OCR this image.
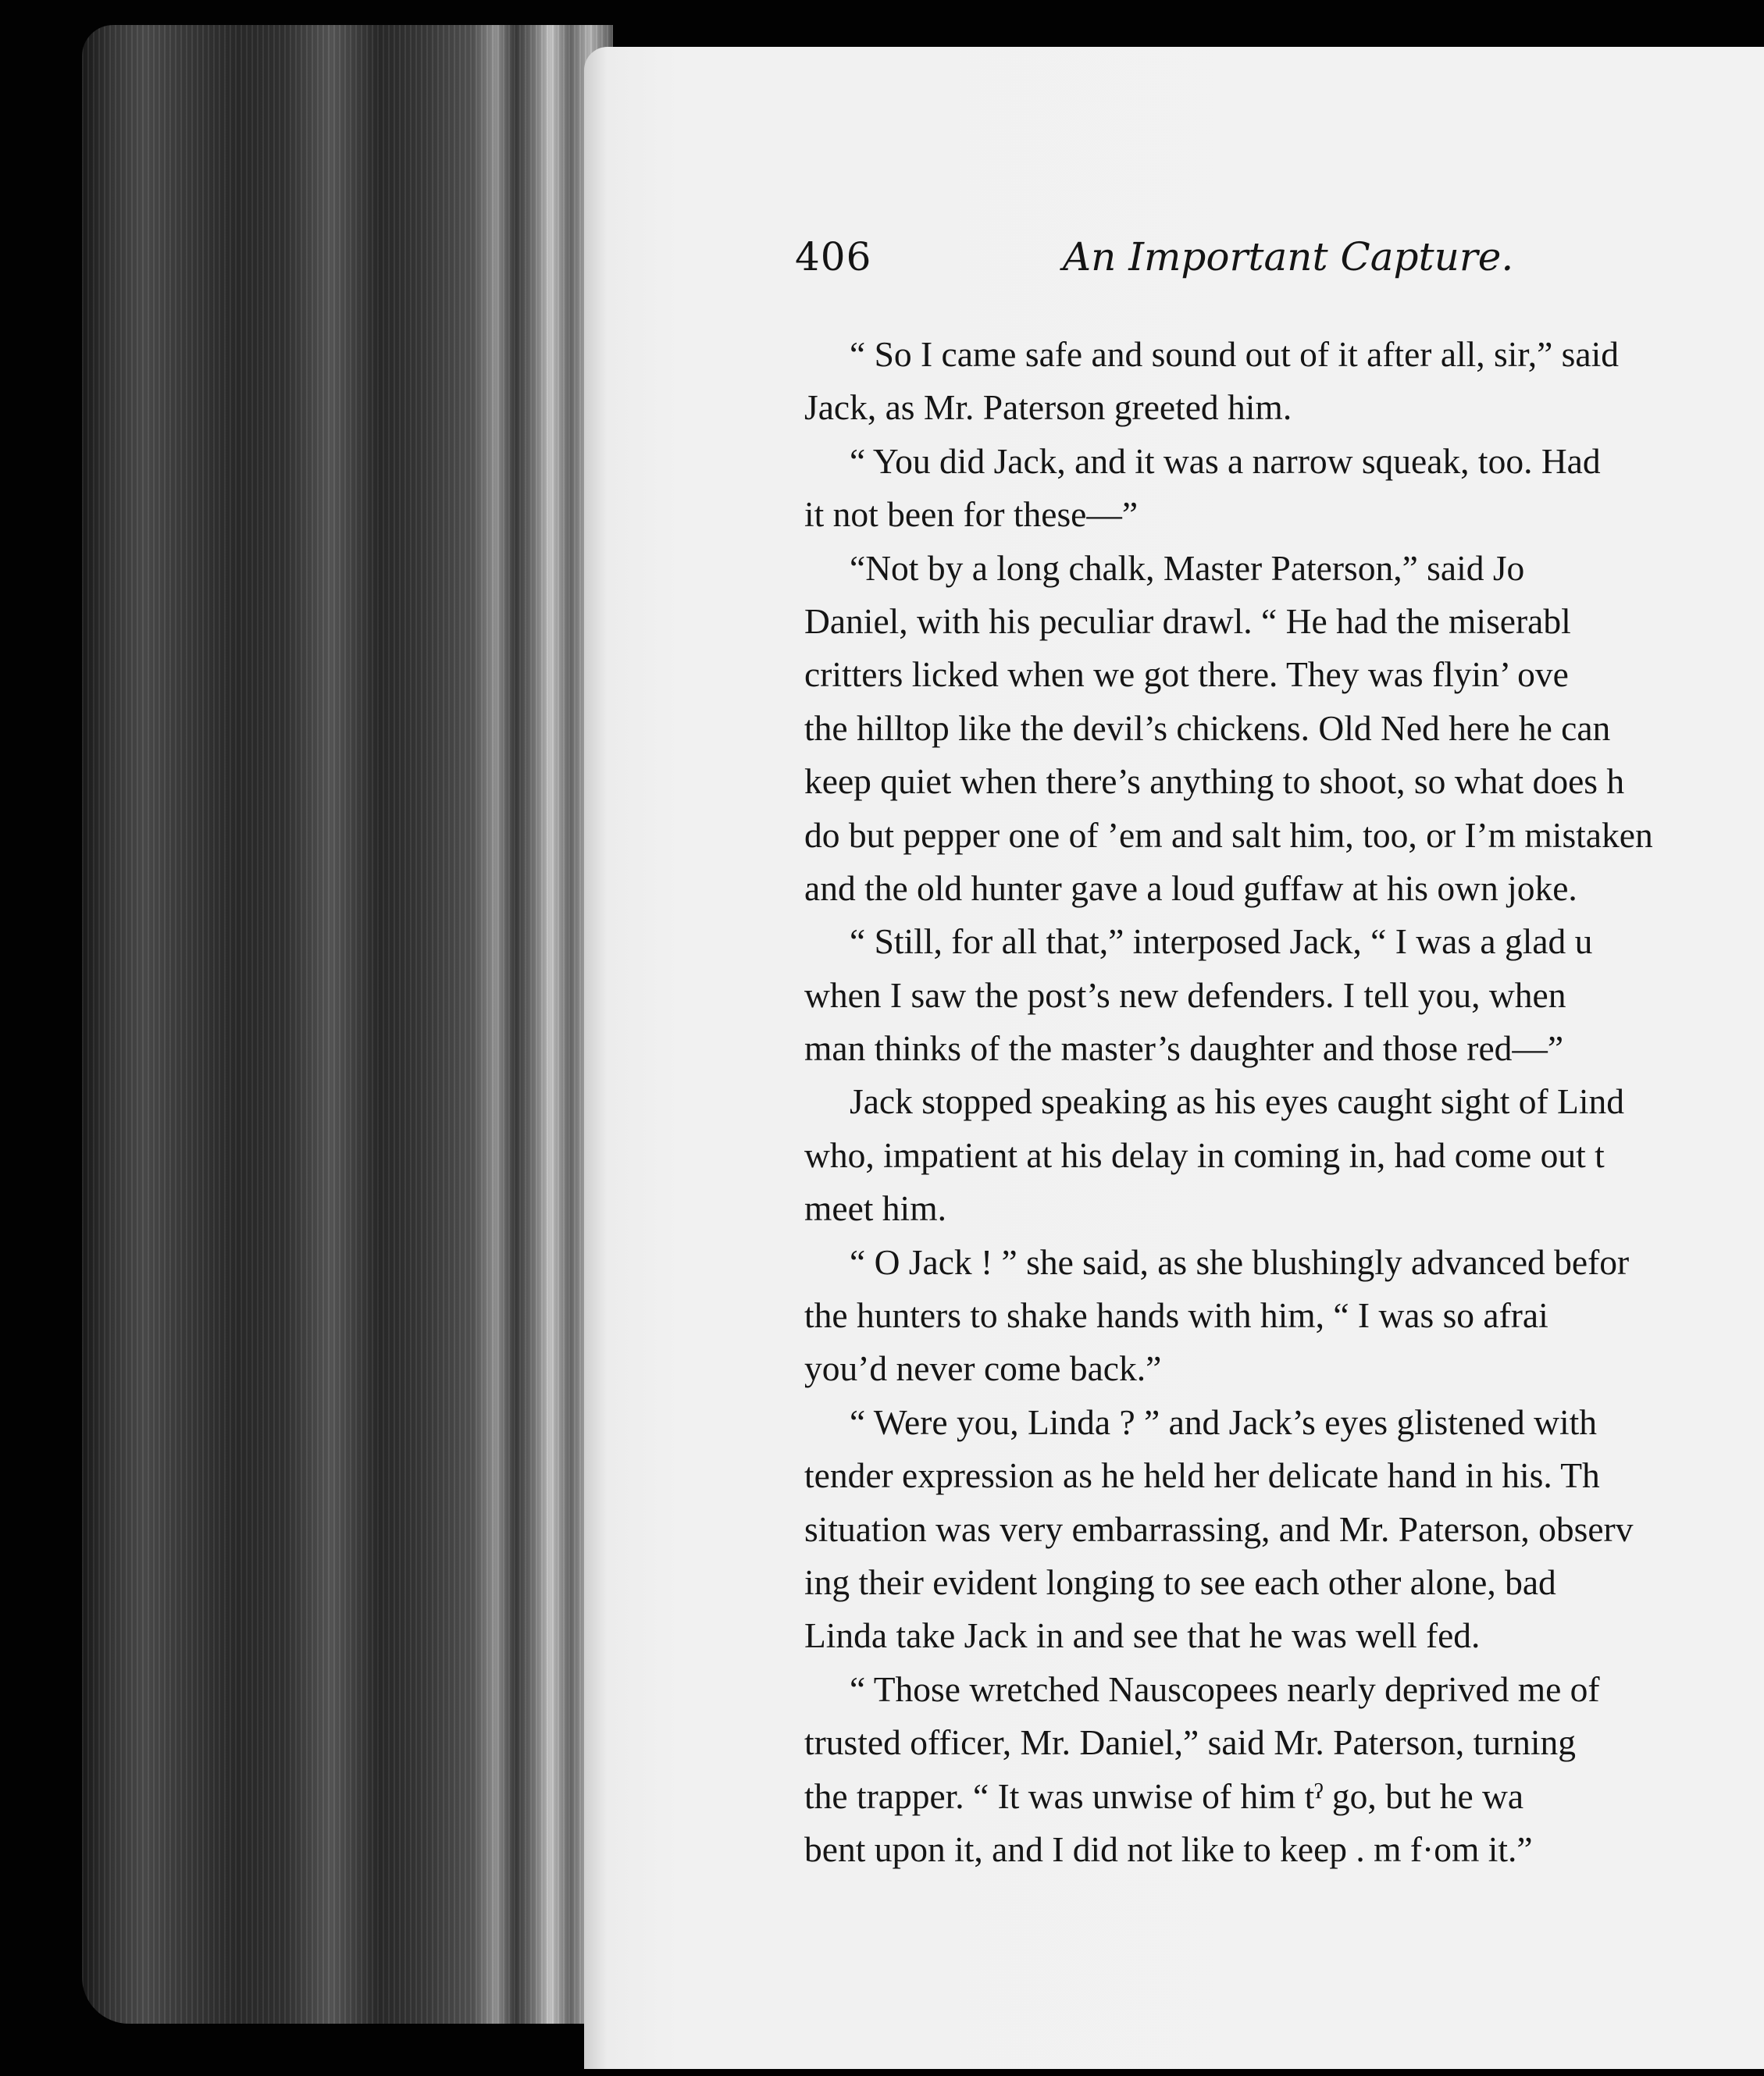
406	An Important Capture.
“ So I came safe and sound out of it after all, sir,” said
Jack, as Mr. Paterson greeted him.
“ You did Jack, and it was a narrow squeak, too. Had
it not been for these—”
“Not by a long chalk, Master Paterson,” said Jo
Daniel, with his peculiar drawl. “ He had the miserabl
critters licked when we got there. They was flyin’ ove
the hilltop like the devil’s chickens. Old Ned here he can
keep quiet when there’s anything to shoot, so what does h
do but pepper one of ’em and salt him, too, or I’m mistaken
and the old hunter gave a loud guffaw at his own joke.
“ Still, for all that,” interposed Jack, “ I was a glad u
when I saw the post’s new defenders. I tell you, when
man thinks of the master’s daughter and those red—”
Jack stopped speaking as his eyes caught sight of Lind
who, impatient at his delay in coming in, had come out t
meet him.
“ O Jack ! ” she said, as she blushingly advanced befor
the hunters to shake hands with him, “ I was so afrai
you’d never come back.”
“ Were you, Linda ? ” and Jack’s eyes glistened with
tender expression as he held her delicate hand in his. Th
situation was very embarrassing, and Mr. Paterson, observ
ing their evident longing to see each other alone, bad
Linda take Jack in and see that he was well fed.
“ Those wretched Nauscopees nearly deprived me of
trusted officer, Mr. Daniel,” said Mr. Paterson, turning
the trapper. “ It was unwise of him tˀ go, but he wa
bent upon it, and I did not like to keep . m f·om it.”
